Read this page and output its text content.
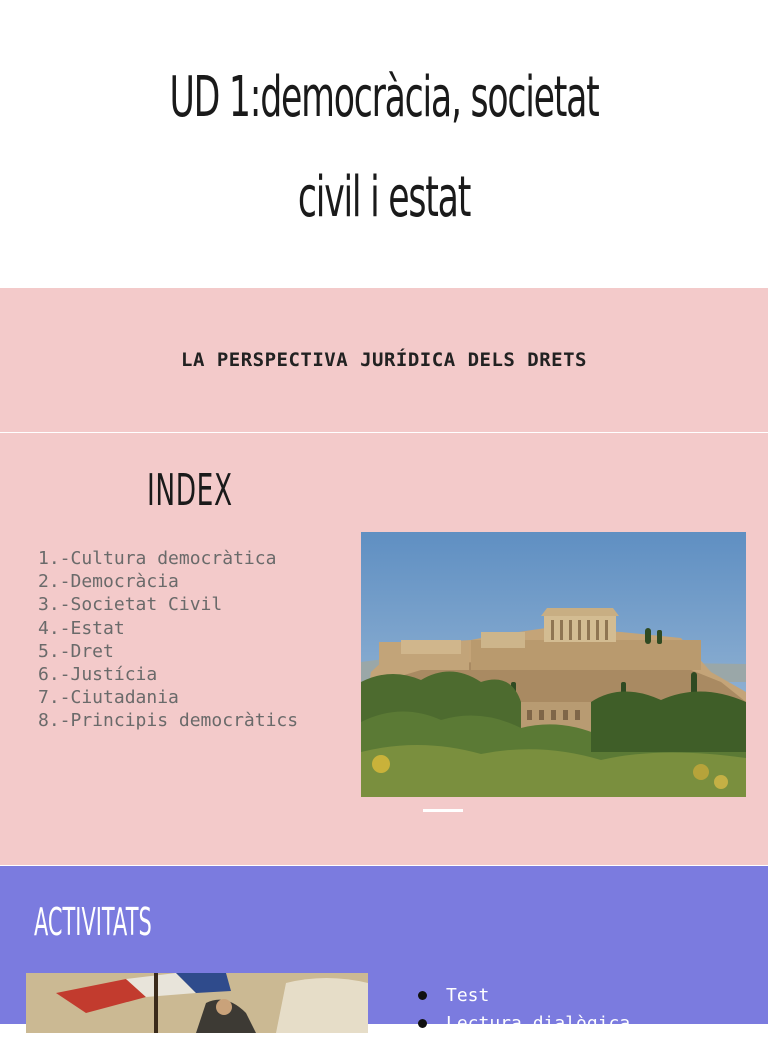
UD 1:democràcia, societat
civil i estat
LA PERSPECTIVA JURÍDICA DELS DRETS
INDEX
1.-Cultura democràtica
2.-Democràcia
3.-Societat Civil
4.-Estat
5.-Dret
6.-Justícia
7.-Ciutadania
8.-Principis democràtics
ACTIVITATS
Test
Lectura dialògica
